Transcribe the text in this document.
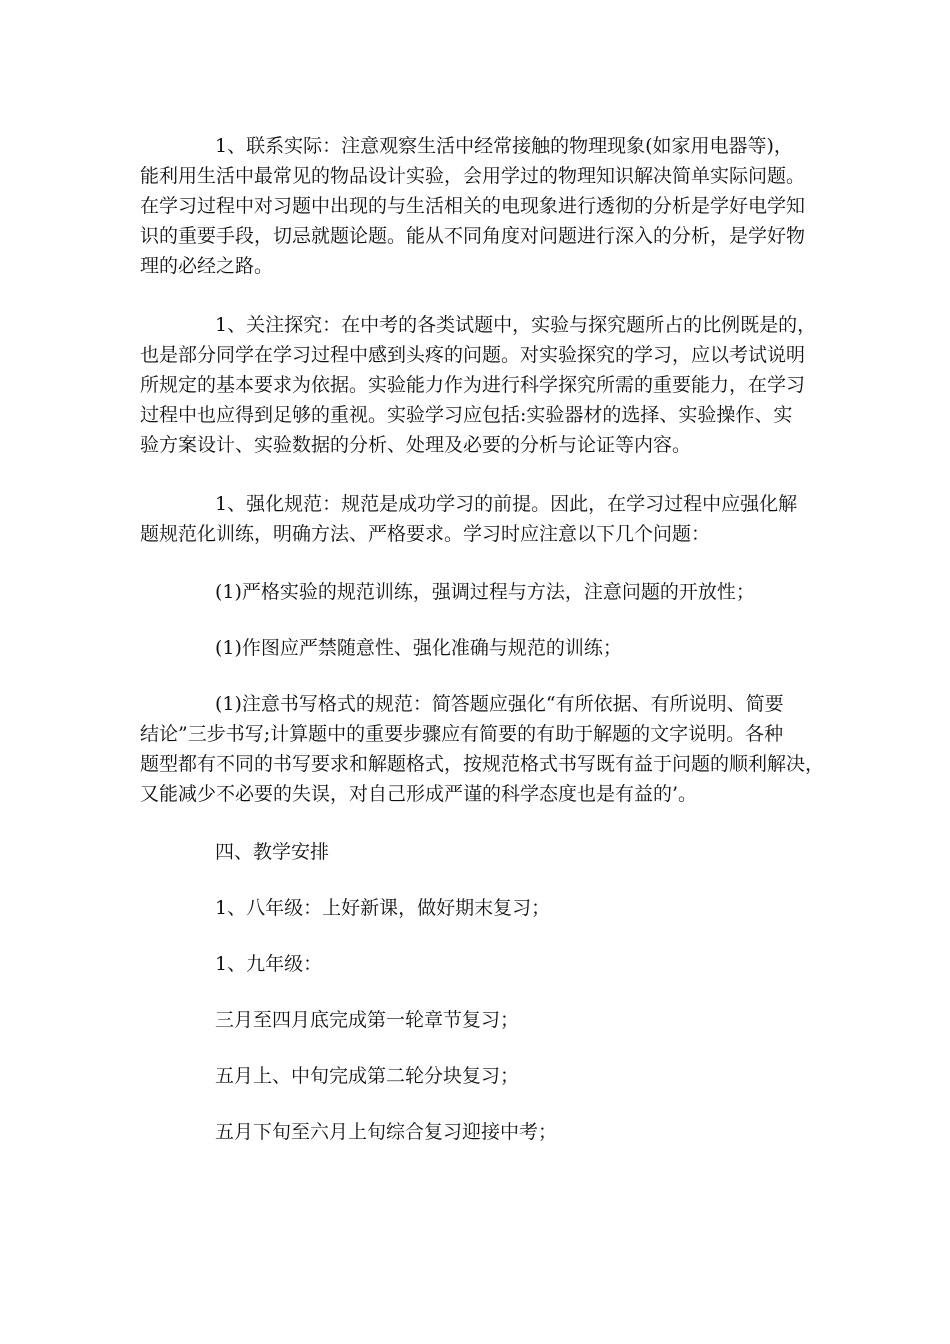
1、联系实际：注意观察生活中经常接触的物理现象(如家用电器等)，
能利用生活中最常见的物品设计实验，会用学过的物理知识解决简单实际问题。
在学习过程中对习题中出现的与生活相关的电现象进行透彻的分析是学好电学知
识的重要手段，切忌就题论题。能从不同角度对问题进行深入的分析，是学好物
理的必经之路。

1、关注探究：在中考的各类试题中，实验与探究题所占的比例既是的，
也是部分同学在学习过程中感到头疼的问题。对实验探究的学习，应以考试说明
所规定的基本要求为依据。实验能力作为进行科学探究所需的重要能力，在学习
过程中也应得到足够的重视。实验学习应包括:实验器材的选择、实验操作、实
验方案设计、实验数据的分析、处理及必要的分析与论证等内容。

1、强化规范：规范是成功学习的前提。因此，在学习过程中应强化解
题规范化训练，明确方法、严格要求。学习时应注意以下几个问题：

(1)严格实验的规范训练，强调过程与方法，注意问题的开放性；

(1)作图应严禁随意性、强化准确与规范的训练；

(1)注意书写格式的规范：简答题应强化“有所依据、有所说明、简要
结论”三步书写;计算题中的重要步骤应有简要的有助于解题的文字说明。各种
题型都有不同的书写要求和解题格式，按规范格式书写既有益于问题的顺利解决，
又能减少不必要的失误，对自己形成严谨的科学态度也是有益的’。

四、教学安排

1、八年级：上好新课，做好期末复习；

1、九年级：

三月至四月底完成第一轮章节复习；

五月上、中旬完成第二轮分块复习；

五月下旬至六月上旬综合复习迎接中考；
